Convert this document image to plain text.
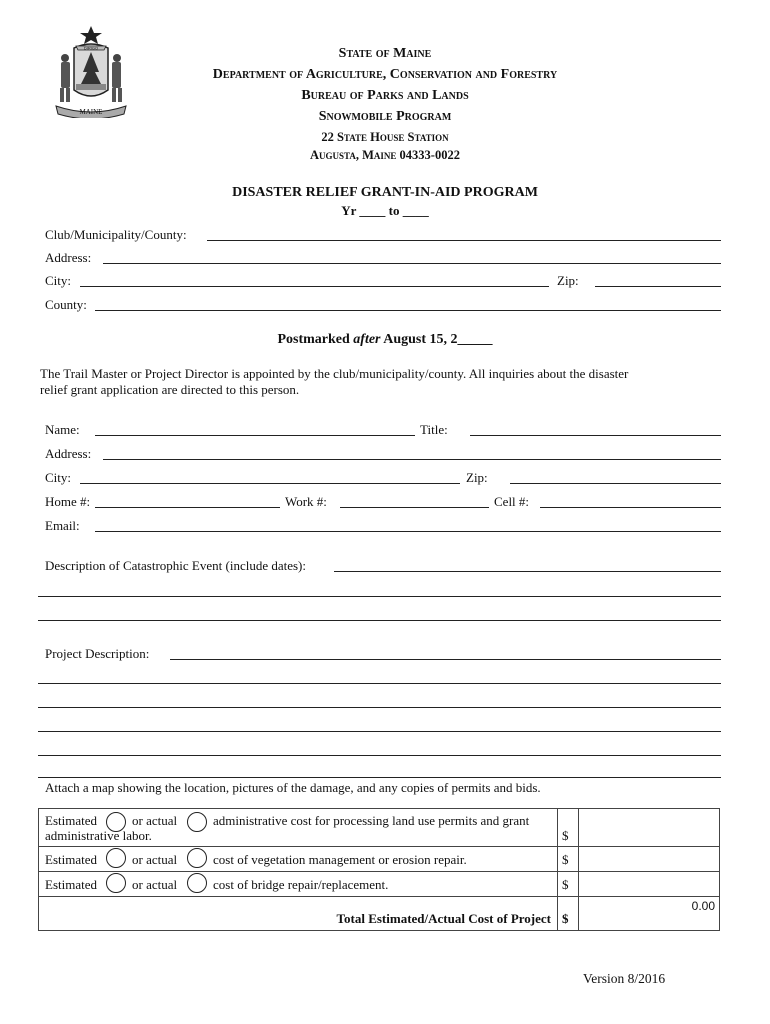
MAINE
DIRIGO	State of Maine
Department of Agriculture, Conservation and Forestry
Bureau of Parks and Lands
Snowmobile Program
22 State House Station
Augusta, Maine 04333-0022
DISASTER RELIEF GRANT-IN-AID PROGRAM
Yr ____ to ____
Club/Municipality/County:
Address:
City:	Zip:
County:
Postmarked after August 15, 2_____
The Trail Master or Project Director is appointed by the club/municipality/county. All inquiries about the disaster
relief grant application are directed to this person.
Name:	Title:
Address:
City:	Zip:
Home #:	Work #:	Cell #:
Email:
Description of Catastrophic Event (include dates):
Project Description:
Attach a map showing the location, pictures of the damage, and any copies of permits and bids.
Estimated or actual administrative cost for processing land use permits and grant
administrative labor.	$

Estimated or actual cost of vegetation management or erosion repair.	$

Estimated or actual cost of bridge repair/replacement.	$

Total Estimated/Actual Cost of Project	$	0.00
Version 8/2016
